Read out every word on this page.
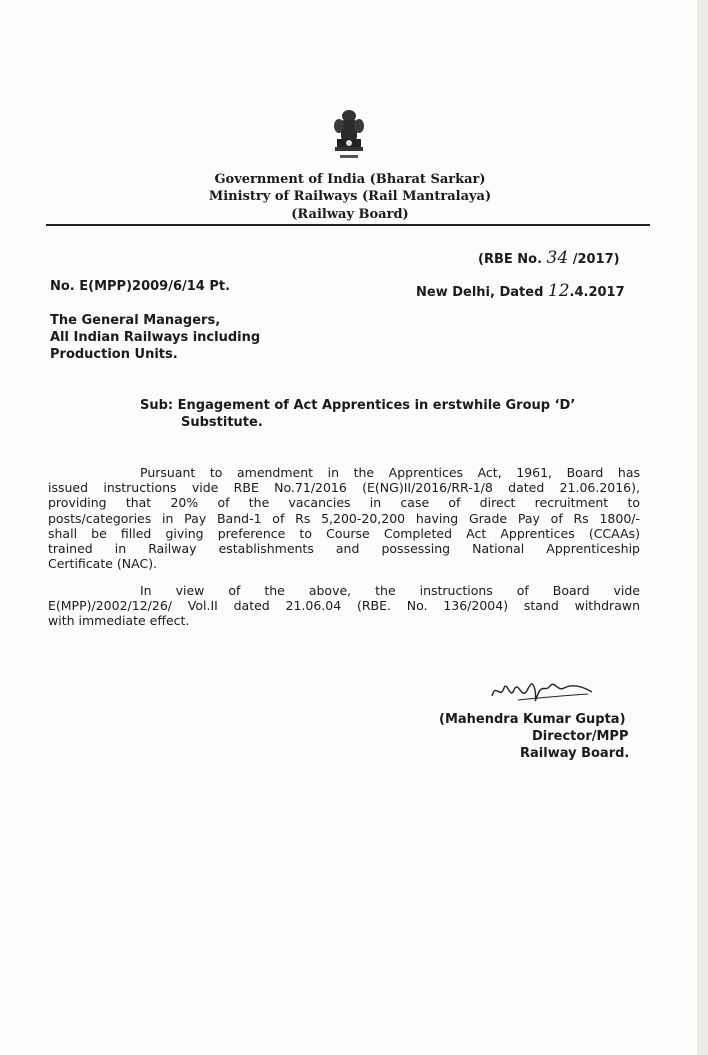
Government of India (Bharat Sarkar)
Ministry of Railways (Rail Mantralaya)
(Railway Board)
(RBE No. 34 /2017)
No. E(MPP)2009/6/14 Pt.	New Delhi, Dated 12.4.2017
The General Managers,
All Indian Railways including
Production Units.
Sub: Engagement of Act Apprentices in erstwhile Group ‘D’
Substitute.
Pursuant to amendment in the Apprentices Act, 1961, Board has
issued instructions vide RBE No.71/2016 (E(NG)II/2016/RR-1/8 dated 21.06.2016),
providing that 20% of the vacancies in case of direct recruitment to
posts/categories in Pay Band-1 of Rs 5,200-20,200 having Grade Pay of Rs 1800/-
shall be filled giving preference to Course Completed Act Apprentices (CCAAs)
trained in Railway establishments and possessing National Apprenticeship
Certificate (NAC).
In view of the above, the instructions of Board vide
E(MPP)/2002/12/26/ Vol.II dated 21.06.04 (RBE. No. 136/2004) stand withdrawn
with immediate effect.
(Mahendra Kumar Gupta)
Director/MPP
Railway Board.
